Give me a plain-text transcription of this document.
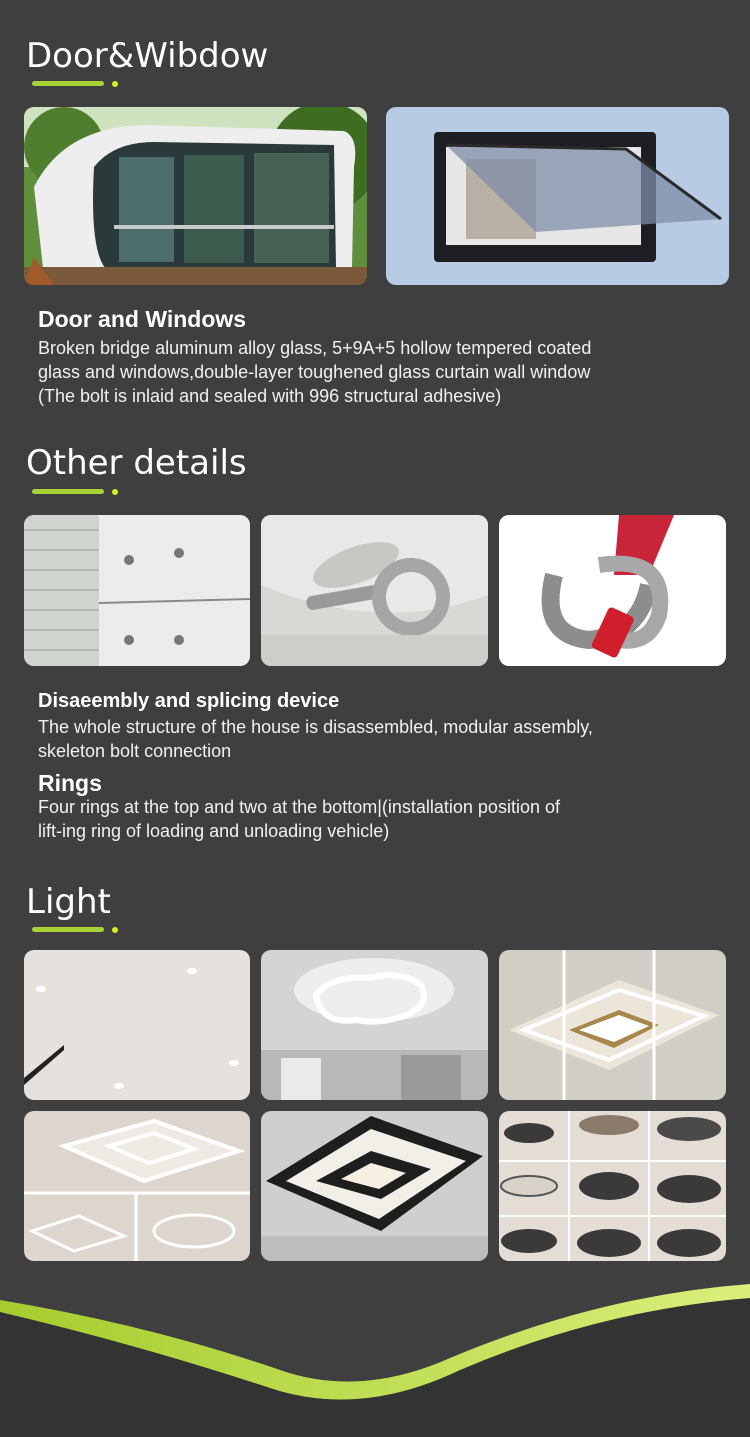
Door&Wibdow
Door and Windows
Broken bridge aluminum alloy glass, 5+9A+5 hollow tempered coated
glass and windows,double-layer toughened glass curtain wall window
(The bolt is inlaid and sealed with 996 structural adhesive)
Other details
Disaeembly and splicing device
The whole structure of the house is disassembled, modular assembly,
skeleton bolt connection
Rings
Four rings at the top and two at the bottom|(installation position of
lift-ing ring of loading and unloading vehicle)
Light
